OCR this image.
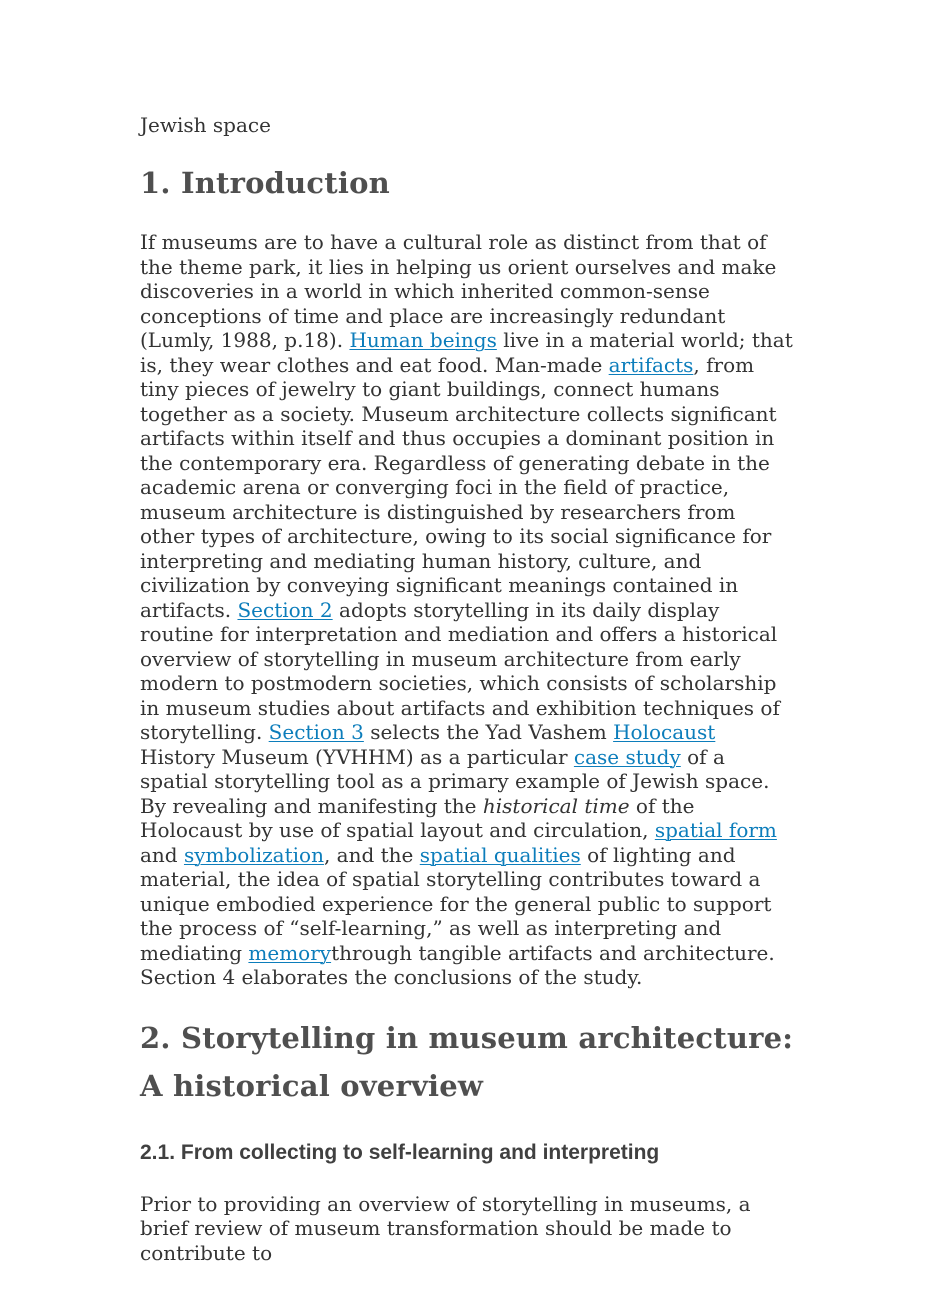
Jewish space

1. Introduction

If museums are to have a cultural role as distinct from that of the theme park, it lies in helping us orient ourselves and make discoveries in a world in which inherited common-sense conceptions of time and place are increasingly redundant (Lumly, 1988, p.18). Human beings live in a material world; that is, they wear clothes and eat food. Man-made artifacts, from tiny pieces of jewelry to giant buildings, connect humans together as a society. Museum architecture collects significant artifacts within itself and thus occupies a dominant position in the contemporary era. Regardless of generating debate in the academic arena or converging foci in the field of practice, museum architecture is distinguished by researchers from other types of architecture, owing to its social significance for interpreting and mediating human history, culture, and civilization by conveying significant meanings contained in artifacts. Section 2 adopts storytelling in its daily display routine for interpretation and mediation and offers a historical overview of storytelling in museum architecture from early modern to postmodern societies, which consists of scholarship in museum studies about artifacts and exhibition techniques of storytelling. Section 3 selects the Yad Vashem Holocaust History Museum (YVHHM) as a particular case study of a spatial storytelling tool as a primary example of Jewish space. By revealing and manifesting the historical time of the Holocaust by use of spatial layout and circulation, spatial form and symbolization, and the spatial qualities of lighting and material, the idea of spatial storytelling contributes toward a unique embodied experience for the general public to support the process of “self-learning,” as well as interpreting and mediating memorythrough tangible artifacts and architecture. Section 4 elaborates the conclusions of the study.

2. Storytelling in museum architecture: A historical overview
2.1. From collecting to self-learning and interpreting

Prior to providing an overview of storytelling in museums, a brief review of museum transformation should be made to contribute to
